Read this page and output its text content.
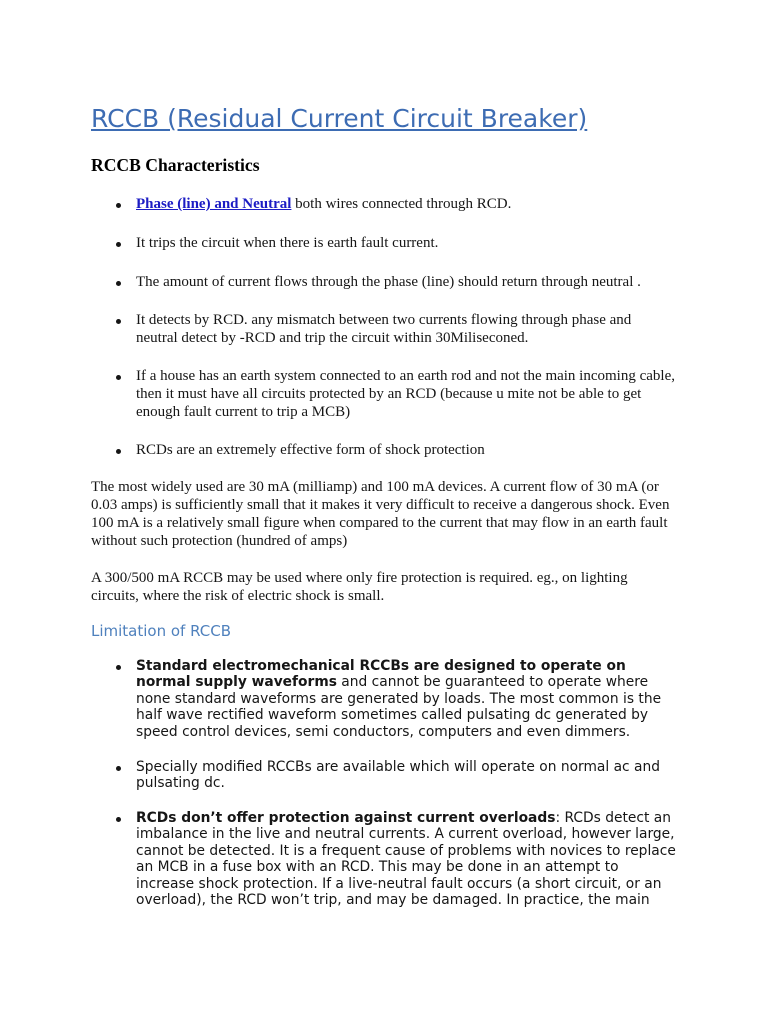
RCCB (Residual Current Circuit Breaker)
RCCB Characteristics
Phase (line) and Neutral both wires connected through RCD.
It trips the circuit when there is earth fault current.
The amount of current flows through the phase (line) should return through neutral .
It detects by RCD. any mismatch between two currents flowing through phase and
neutral detect by -RCD and trip the circuit within 30Miliseconed.
If a house has an earth system connected to an earth rod and not the main incoming cable,
then it must have all circuits protected by an RCD (because u mite not be able to get
enough fault current to trip a MCB)
RCDs are an extremely effective form of shock protection
The most widely used are 30 mA (milliamp) and 100 mA devices. A current flow of 30 mA (or
0.03 amps) is sufficiently small that it makes it very difficult to receive a dangerous shock. Even
100 mA is a relatively small figure when compared to the current that may flow in an earth fault
without such protection (hundred of amps)
A 300/500 mA RCCB may be used where only fire protection is required. eg., on lighting
circuits, where the risk of electric shock is small.
Limitation of RCCB
Standard electromechanical RCCBs are designed to operate on
normal supply waveforms and cannot be guaranteed to operate where
none standard waveforms are generated by loads. The most common is the
half wave rectified waveform sometimes called pulsating dc generated by
speed control devices, semi conductors, computers and even dimmers.
Specially modified RCCBs are available which will operate on normal ac and
pulsating dc.
RCDs don’t offer protection against current overloads: RCDs detect an
imbalance in the live and neutral currents. A current overload, however large,
cannot be detected. It is a frequent cause of problems with novices to replace
an MCB in a fuse box with an RCD. This may be done in an attempt to
increase shock protection. If a live-neutral fault occurs (a short circuit, or an
overload), the RCD won’t trip, and may be damaged. In practice, the main
